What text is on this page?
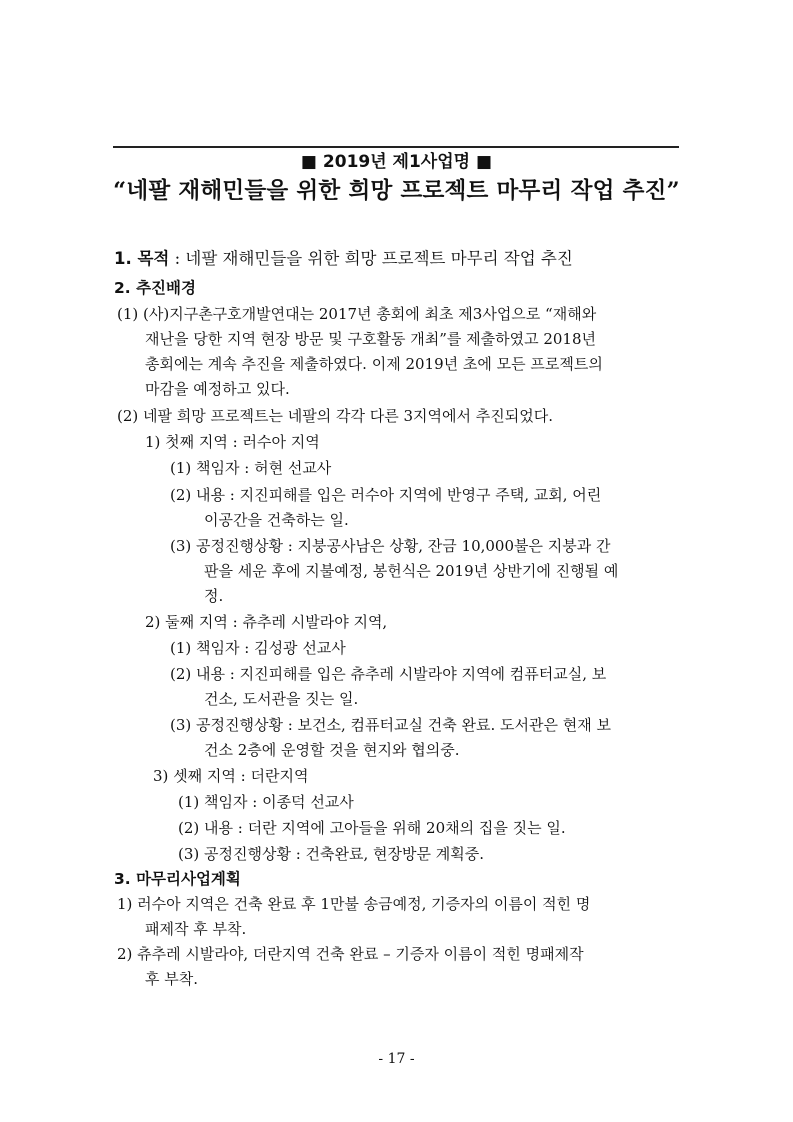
■ 2019년 제1사업명 ■
“네팔 재해민들을 위한 희망 프로젝트 마무리 작업 추진”
1. 목적 : 네팔 재해민들을 위한 희망 프로젝트 마무리 작업 추진
2. 추진배경
(1) (사)지구촌구호개발연대는 2017년 총회에 최초 제3사업으로 “재해와
재난을 당한 지역 현장 방문 및 구호활동 개최”를 제출하였고 2018년
총회에는 계속 추진을 제출하였다. 이제 2019년 초에 모든 프로젝트의
마감을 예정하고 있다.
(2) 네팔 희망 프로젝트는 네팔의 각각 다른 3지역에서 추진되었다.
1) 첫째 지역 : 러수아 지역
(1) 책임자 : 허현 선교사
(2) 내용 : 지진피해를 입은 러수아 지역에 반영구 주택, 교회, 어린
이공간을 건축하는 일.
(3) 공정진행상황 : 지붕공사남은 상황, 잔금 10,000불은 지붕과 간
판을 세운 후에 지불예정, 봉헌식은 2019년 상반기에 진행될 예
정.
2) 둘째 지역 : 츄추레 시발라야 지역,
(1) 책임자 : 김성광 선교사
(2) 내용 : 지진피해를 입은 츄추레 시발라야 지역에 컴퓨터교실, 보
건소, 도서관을 짓는 일.
(3) 공정진행상황 : 보건소, 컴퓨터교실 건축 완료. 도서관은 현재 보
건소 2층에 운영할 것을 현지와 협의중.
3) 셋째 지역 : 더란지역
(1) 책임자 : 이종덕 선교사
(2) 내용 : 더란 지역에 고아들을 위해 20채의 집을 짓는 일.
(3) 공정진행상황 : 건축완료, 현장방문 계획중.
3. 마무리사업계획
1) 러수아 지역은 건축 완료 후 1만불 송금예정, 기증자의 이름이 적힌 명
패제작 후 부착.
2) 츄추레 시발라야, 더란지역 건축 완료 – 기증자 이름이 적힌 명패제작
후 부착.
- 17 -
